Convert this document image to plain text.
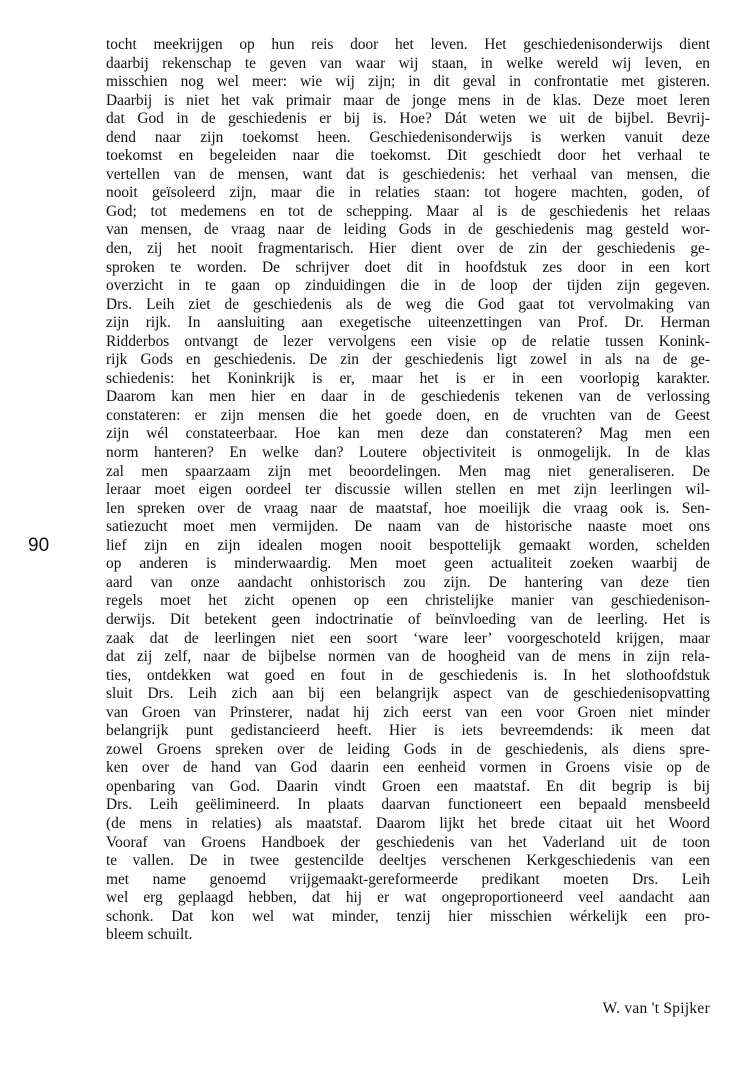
90
tocht meekrijgen op hun reis door het leven. Het geschiedenisonderwijs dient
daarbij rekenschap te geven van waar wij staan, in welke wereld wij leven, en
misschien nog wel meer: wie wij zijn; in dit geval in confrontatie met gisteren.
Daarbij is niet het vak primair maar de jonge mens in de klas. Deze moet leren
dat God in de geschiedenis er bij is. Hoe? Dát weten we uit de bijbel. Bevrij-
dend naar zijn toekomst heen. Geschiedenisonderwijs is werken vanuit deze
toekomst en begeleiden naar die toekomst. Dit geschiedt door het verhaal te
vertellen van de mensen, want dat is geschiedenis: het verhaal van mensen, die
nooit geïsoleerd zijn, maar die in relaties staan: tot hogere machten, goden, of
God; tot medemens en tot de schepping. Maar al is de geschiedenis het relaas
van mensen, de vraag naar de leiding Gods in de geschiedenis mag gesteld wor-
den, zij het nooit fragmentarisch. Hier dient over de zin der geschiedenis ge-
sproken te worden. De schrijver doet dit in hoofdstuk zes door in een kort
overzicht in te gaan op zinduidingen die in de loop der tijden zijn gegeven.
Drs. Leih ziet de geschiedenis als de weg die God gaat tot vervolmaking van
zijn rijk. In aansluiting aan exegetische uiteenzettingen van Prof. Dr. Herman
Ridderbos ontvangt de lezer vervolgens een visie op de relatie tussen Konink-
rijk Gods en geschiedenis. De zin der geschiedenis ligt zowel in als na de ge-
schiedenis: het Koninkrijk is er, maar het is er in een voorlopig karakter.
Daarom kan men hier en daar in de geschiedenis tekenen van de verlossing
constateren: er zijn mensen die het goede doen, en de vruchten van de Geest
zijn wél constateerbaar. Hoe kan men deze dan constateren? Mag men een
norm hanteren? En welke dan? Loutere objectiviteit is onmogelijk. In de klas
zal men spaarzaam zijn met beoordelingen. Men mag niet generaliseren. De
leraar moet eigen oordeel ter discussie willen stellen en met zijn leerlingen wil-
len spreken over de vraag naar de maatstaf, hoe moeilijk die vraag ook is. Sen-
satiezucht moet men vermijden. De naam van de historische naaste moet ons
lief zijn en zijn idealen mogen nooit bespottelijk gemaakt worden, schelden
op anderen is minderwaardig. Men moet geen actualiteit zoeken waarbij de
aard van onze aandacht onhistorisch zou zijn. De hantering van deze tien
regels moet het zicht openen op een christelijke manier van geschiedenison-
derwijs. Dit betekent geen indoctrinatie of beïnvloeding van de leerling. Het is
zaak dat de leerlingen niet een soort ‘ware leer’ voorgeschoteld krijgen, maar
dat zij zelf, naar de bijbelse normen van de hoogheid van de mens in zijn rela-
ties, ontdekken wat goed en fout in de geschiedenis is. In het slothoofdstuk
sluit Drs. Leih zich aan bij een belangrijk aspect van de geschiedenisopvatting
van Groen van Prinsterer, nadat hij zich eerst van een voor Groen niet minder
belangrijk punt gedistancieerd heeft. Hier is iets bevreemdends: ik meen dat
zowel Groens spreken over de leiding Gods in de geschiedenis, als diens spre-
ken over de hand van God daarin een eenheid vormen in Groens visie op de
openbaring van God. Daarin vindt Groen een maatstaf. En dit begrip is bij
Drs. Leih geëlimineerd. In plaats daarvan functioneert een bepaald mensbeeld
(de mens in relaties) als maatstaf. Daarom lijkt het brede citaat uit het Woord
Vooraf van Groens Handboek der geschiedenis van het Vaderland uit de toon
te vallen. De in twee gestencilde deeltjes verschenen Kerkgeschiedenis van een
met name genoemd vrijgemaakt-gereformeerde predikant moeten Drs. Leih
wel erg geplaagd hebben, dat hij er wat ongeproportioneerd veel aandacht aan
schonk. Dat kon wel wat minder, tenzij hier misschien wérkelijk een pro-
bleem schuilt.
W. van 't Spijker
